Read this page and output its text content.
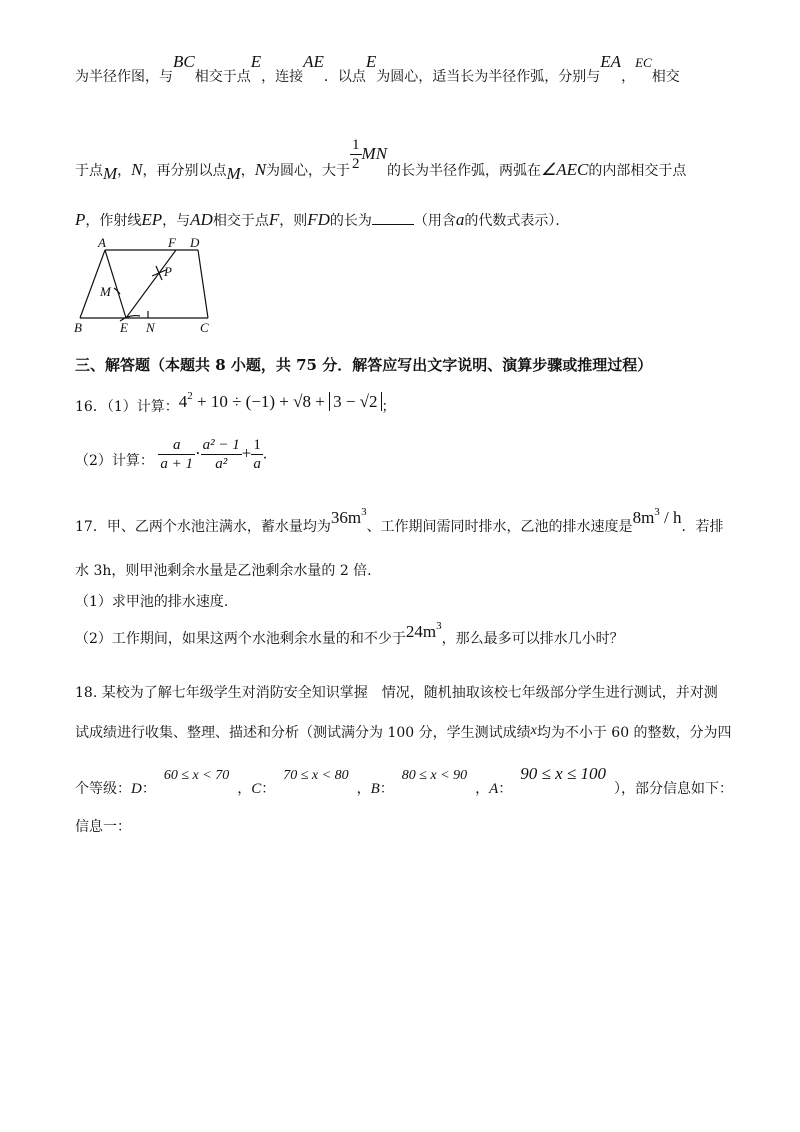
为半径作图，与BC相交于点E，连接AE．以点E为圆心，适当长为半径作弧，分别与EA，EC相交
于点M，N，再分别以点M，N为圆心，大于 $\frac{1}{2}$ MN的长为半径作弧，两弧在∠AEC的内部相交于点
P，作射线EP，与AD相交于点F，则FD的长为	（用含a的代数式表示）．
A	F D
P
M
B	E N	C
三、解答题（本题共 8 小题，共 75 分．解答应写出文字说明、演算步骤或推理过程）
16．（1）计算：$4^2 + 10 \div (-1) + √8 + 3 - √2$ ；
（2）计算： $\frac{a}{a + 1} \cdot \frac{\text{a² − 1}}{\text{a²}} + \frac{1}{a}$ ．
17．甲、乙两个水池注满水，蓄水量均为$36m^3$、工作期间需同时排水，乙池的排水速度是$8m^3$ / h．若排
水 3h，则甲池剩余水量是乙池剩余水量的 2 倍.
（1）求甲池的排水速度.
（2）工作期间，如果这两个水池剩余水量的和不少于$24m^3$，那么最多可以排水几小时？
18. 某校为了解七年级学生对消防安全知识掌握　情况，随机抽取该校七年级部分学生进行测试，并对测
试成绩进行收集、整理、描述和分析（测试满分为 100 分，学生测试成绩x均为不小于 60 的整数，分为四
个等级：D：60 ≤ x < 70，C：70 ≤ x < 80，B：80 ≤ x < 90，A：90 ≤ x ≤ 100），部分信息如下：
信息一：
